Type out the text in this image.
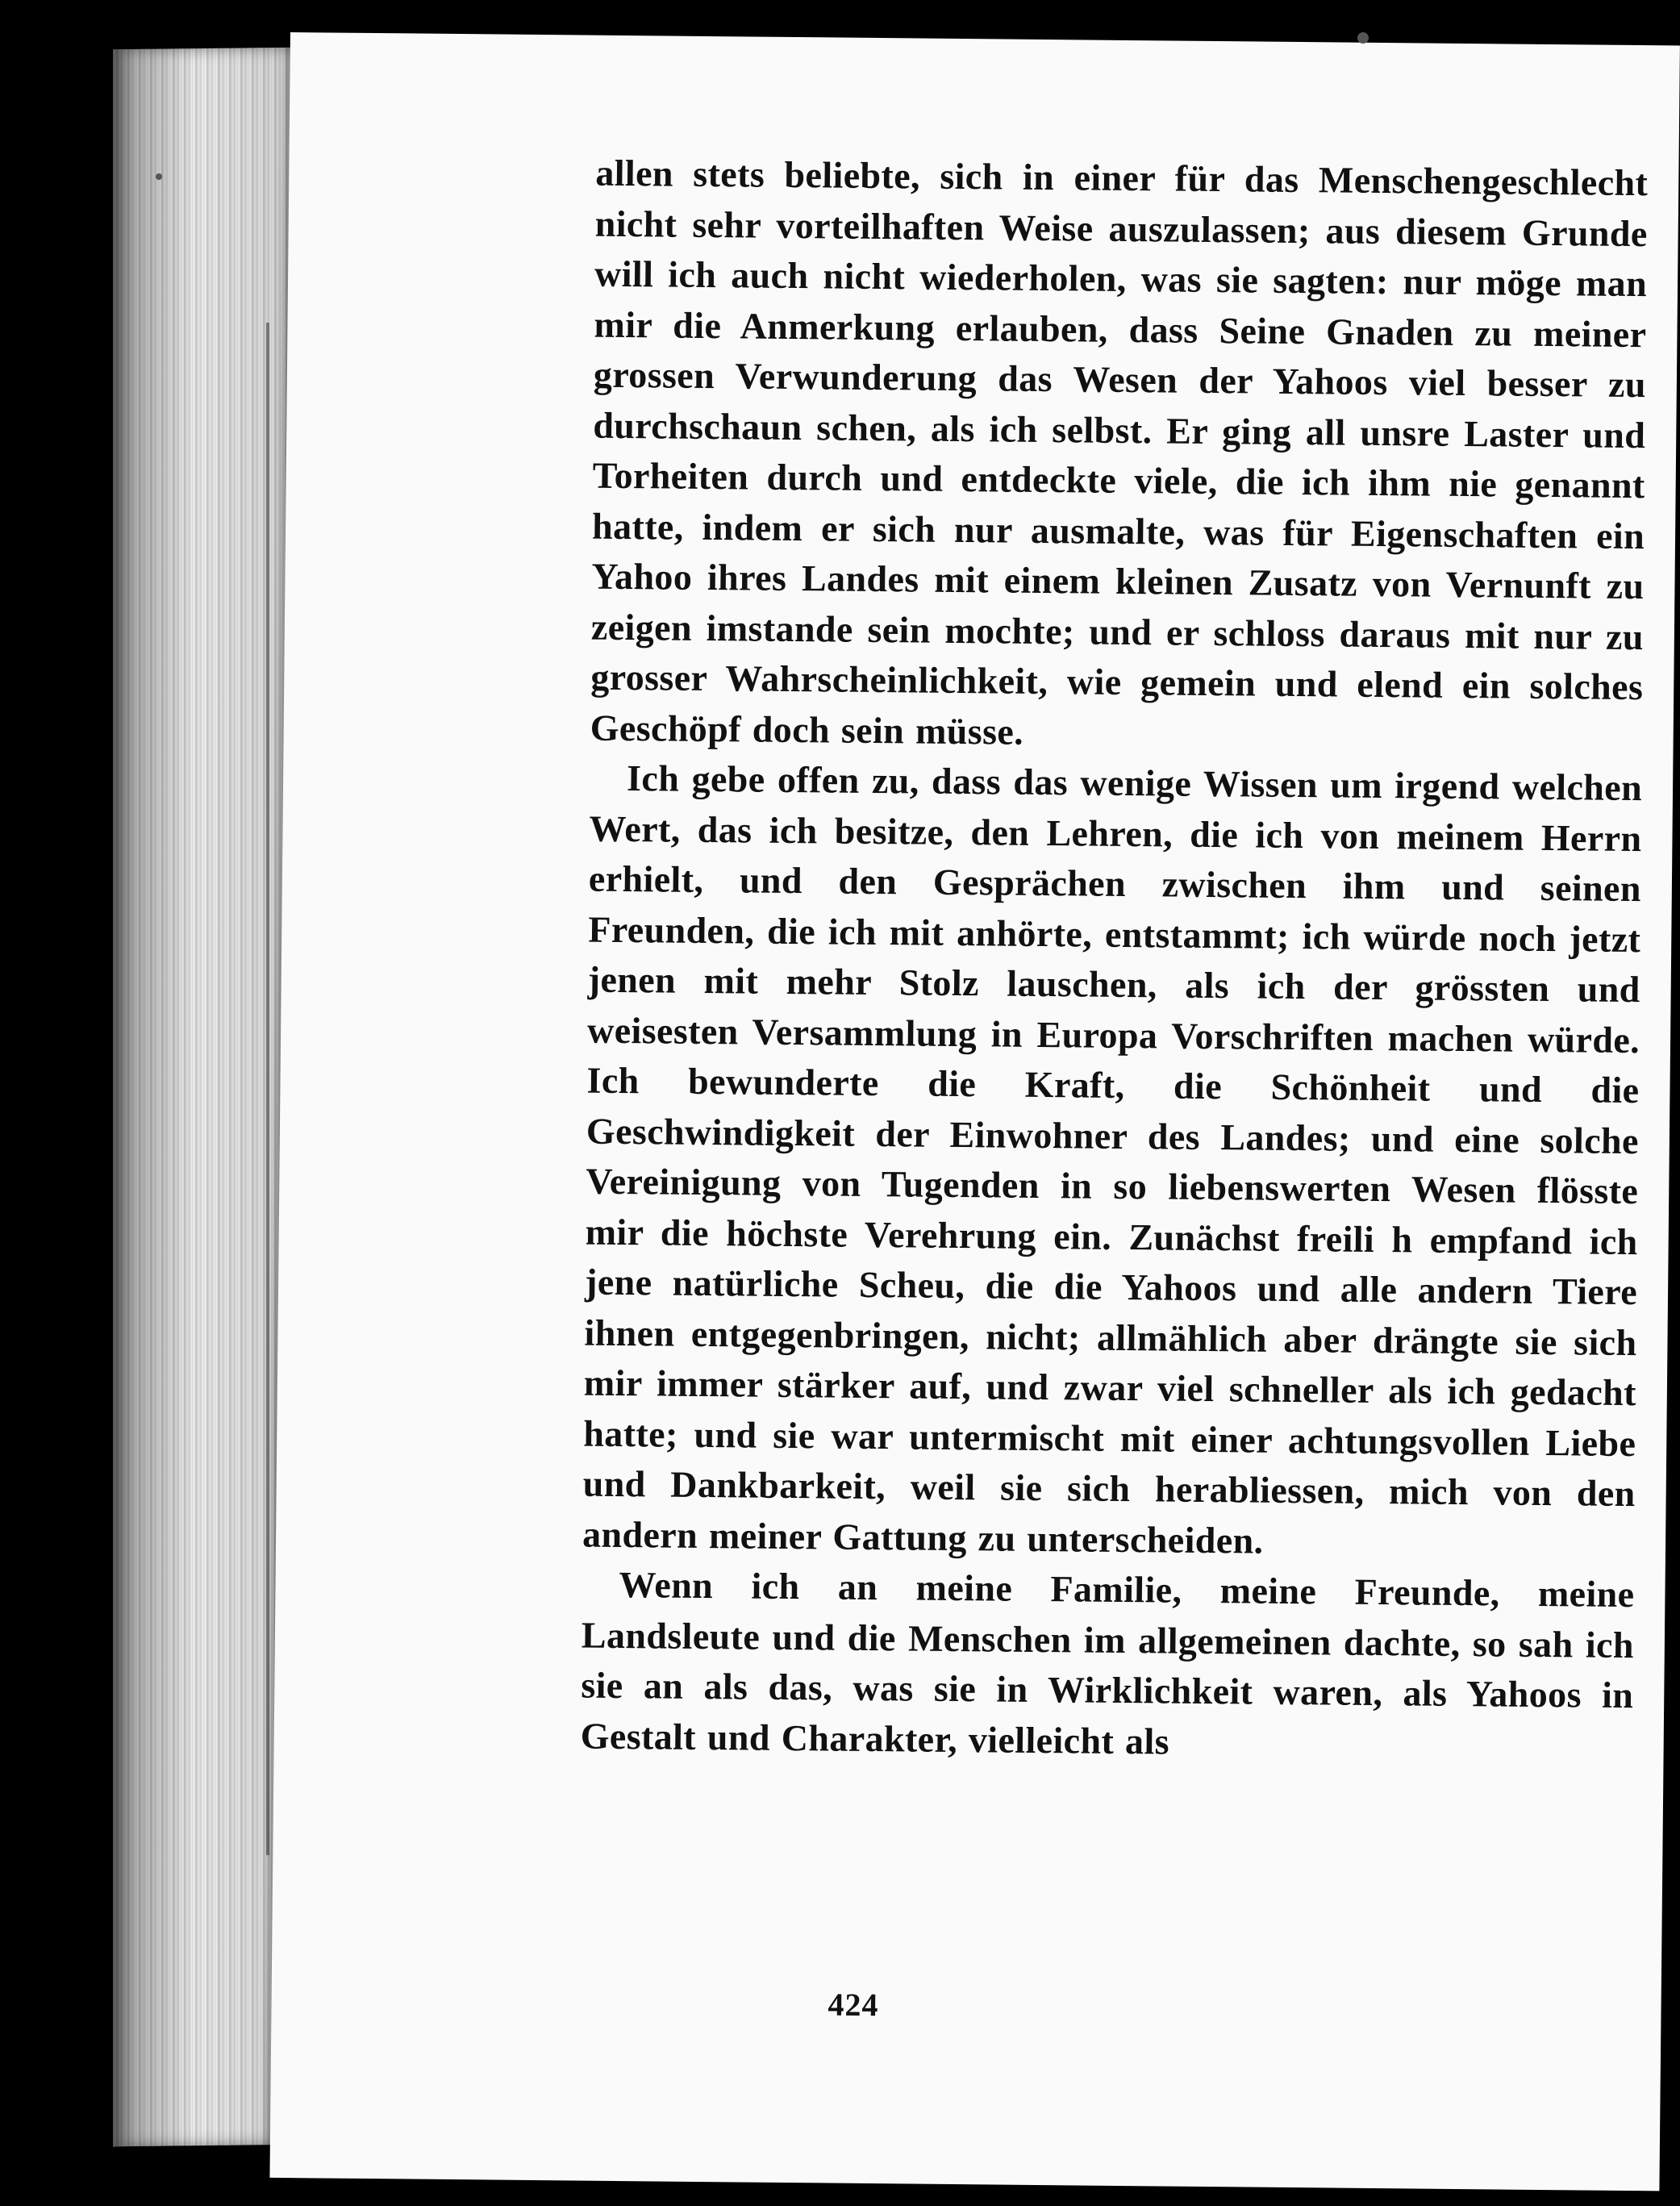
allen stets beliebte, sich in einer für das Menschengeschlecht nicht sehr vorteilhaften Weise auszulassen; aus diesem Grunde will ich auch nicht wiederholen, was sie sagten: nur möge man mir die Anmerkung erlauben, dass Seine Gnaden zu meiner grossen Verwunderung das Wesen der Yahoos viel besser zu durchschaun schen, als ich selbst. Er ging all unsre Laster und Torheiten durch und entdeckte viele, die ich ihm nie genannt hatte, indem er sich nur ausmalte, was für Eigenschaften ein Yahoo ihres Landes mit einem kleinen Zusatz von Vernunft zu zeigen imstande sein mochte; und er schloss daraus mit nur zu grosser Wahrscheinlichkeit, wie gemein und elend ein solches Geschöpf doch sein müsse.

Ich gebe offen zu, dass das wenige Wissen um irgend welchen Wert, das ich besitze, den Lehren, die ich von meinem Herrn erhielt, und den Gesprächen zwischen ihm und seinen Freunden, die ich mit anhörte, entstammt; ich würde noch jetzt jenen mit mehr Stolz lauschen, als ich der grössten und weisesten Versammlung in Europa Vorschriften machen würde. Ich bewunderte die Kraft, die Schönheit und die Geschwindigkeit der Einwohner des Landes; und eine solche Vereinigung von Tugenden in so liebenswerten Wesen flösste mir die höchste Verehrung ein. Zunächst freili h empfand ich jene natürliche Scheu, die die Yahoos und alle andern Tiere ihnen entgegenbringen, nicht; allmählich aber drängte sie sich mir immer stärker auf, und zwar viel schneller als ich gedacht hatte; und sie war untermischt mit einer achtungsvollen Liebe und Dankbarkeit, weil sie sich herabliessen, mich von den andern meiner Gattung zu unterscheiden.

Wenn ich an meine Familie, meine Freunde, meine Landsleute und die Menschen im allgemeinen dachte, so sah ich sie an als das, was sie in Wirklichkeit waren, als Yahoos in Gestalt und Charakter, vielleicht als

424
